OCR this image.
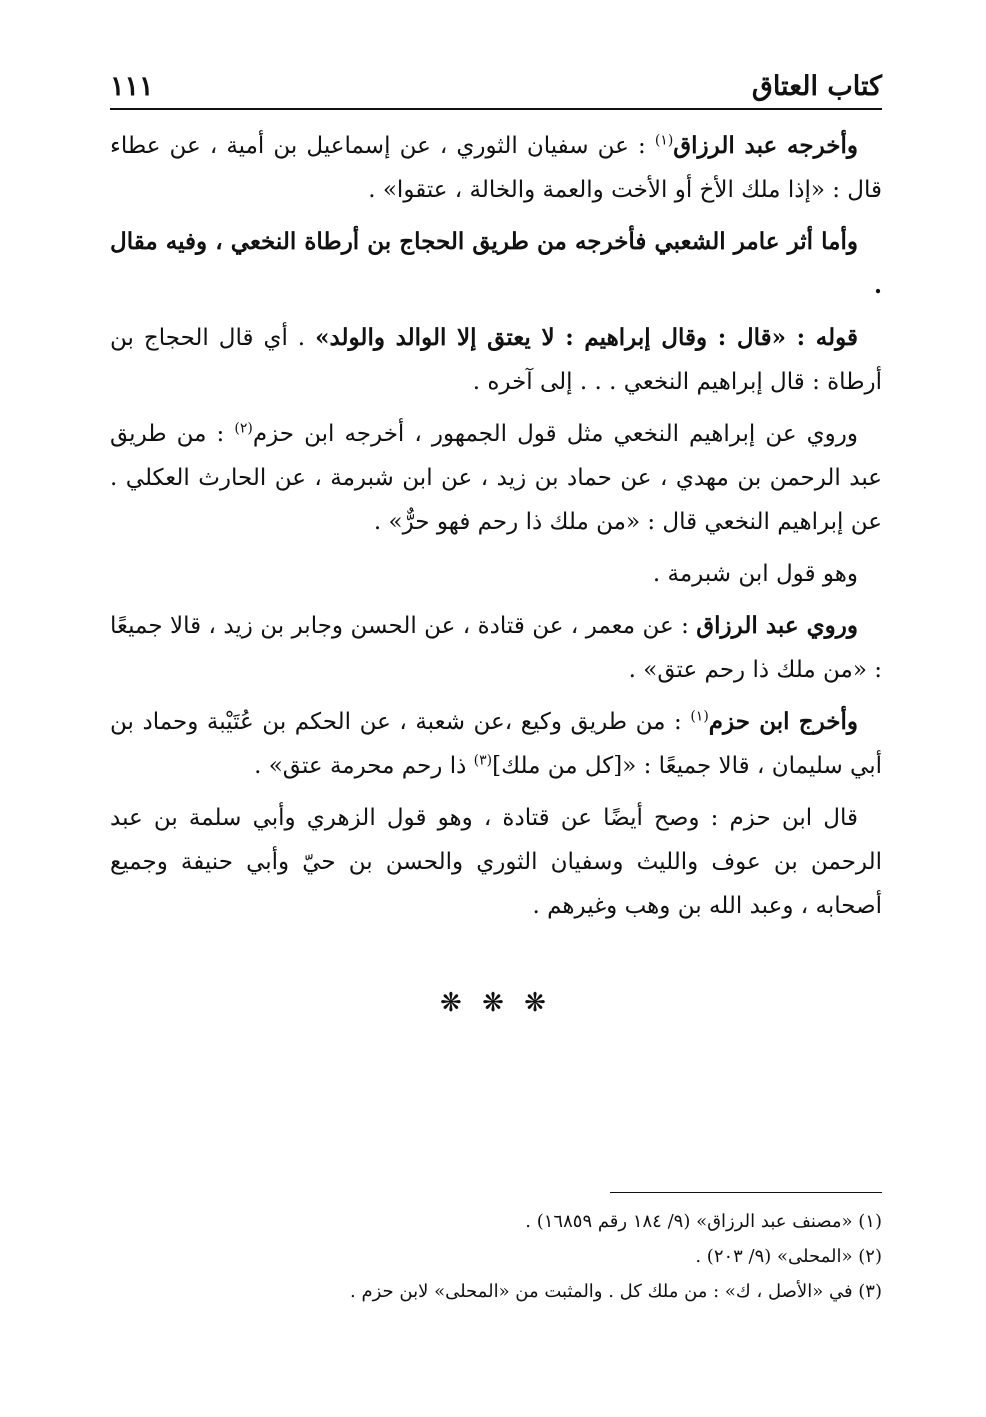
كتاب العتاق
١١١

وأخرجه عبد الرزاق$^{(١)}$ : عن سفيان الثوري ، عن إسماعيل بن أمية ، عن عطاء قال : «إذا ملك الأخ أو الأخت والعمة والخالة ، عتقوا» .

وأما أثر عامر الشعبي فأخرجه من طريق الحجاج بن أرطاة النخعي ، وفيه مقال .

قوله : «قال : وقال إبراهيم : لا يعتق إلا الوالد والولد» . أي قال الحجاج بن أرطاة : قال إبراهيم النخعي . . . إلى آخره .

وروي عن إبراهيم النخعي مثل قول الجمهور ، أخرجه ابن حزم$^{(٢)}$ : من طريق عبد الرحمن بن مهدي ، عن حماد بن زيد ، عن ابن شبرمة ، عن الحارث العكلي . عن إبراهيم النخعي قال : «من ملك ذا رحم فهو حرٌّ» .

وهو قول ابن شبرمة .

وروي عبد الرزاق : عن معمر ، عن قتادة ، عن الحسن وجابر بن زيد ، قالا جميعًا : «من ملك ذا رحم عتق» .

وأخرج ابن حزم$^{(١)}$ : من طريق وكيع ،عن شعبة ، عن الحكم بن عُتَيْبة وحماد بن أبي سليمان ، قالا جميعًا : «[كل من ملك]$^{(٣)}$ ذا رحم محرمة عتق» .

قال ابن حزم : وصح أيضًا عن قتادة ، وهو قول الزهري وأبي سلمة بن عبد الرحمن بن عوف والليث وسفيان الثوري والحسن بن حيّ وأبي حنيفة وجميع أصحابه ، وعبد الله بن وهب وغيرهم .

❋ ❋ ❋

(١) «مصنف عبد الرزاق» (٩/ ١٨٤ رقم ١٦٨٥٩) .

(٢) «المحلى» (٩/ ٢٠٣) .

(٣) في «الأصل ، ك» : من ملك كل . والمثبت من «المحلى» لابن حزم .
